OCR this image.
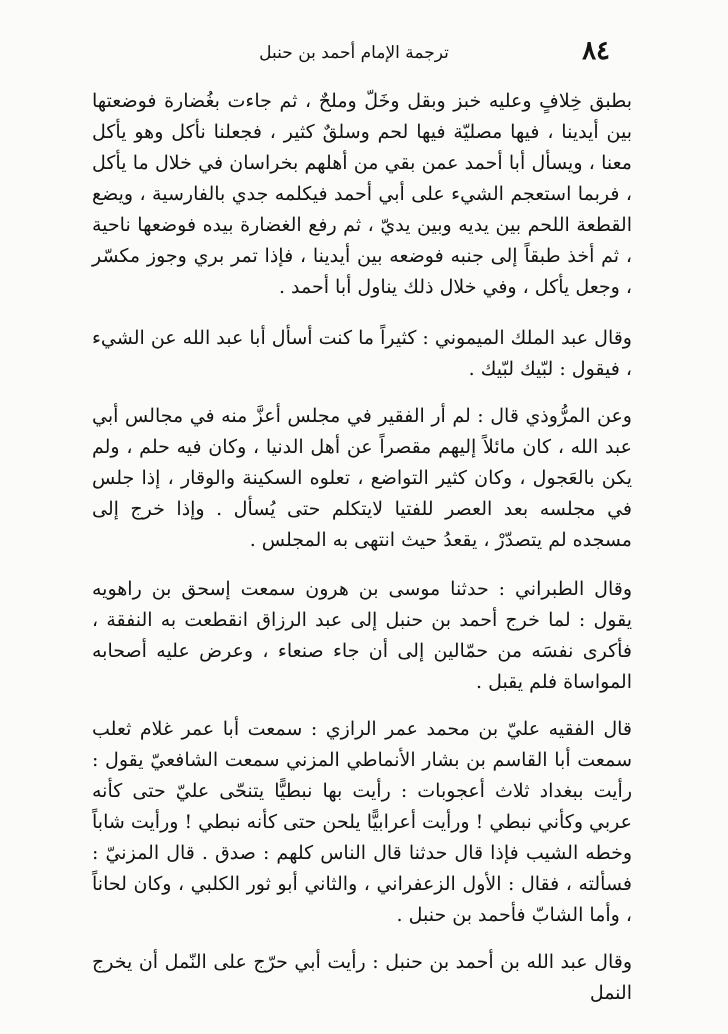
٨٤
ترجمة الإمام أحمد بن حنبل

بطبق خِلافٍ وعليه خبز وبقل وخَلّ وملحٌ ، ثم جاءت بغُضارة فوضعتها بين أيدينا ، فيها مصليّة فيها لحم وسلقٌ كثير ، فجعلنا نأكل وهو يأكل معنا ، ويسأل أبا أحمد عمن بقي من أهلهم بخراسان في خلال ما يأكل ، فربما استعجم الشيء على أبي أحمد فيكلمه جدي بالفارسية ، ويضع القطعة اللحم بين يديه وبين يديّ ، ثم رفع الغضارة بيده فوضعها ناحية ، ثم أخذ طبقاً إلى جنبه فوضعه بين أيدينا ، فإذا تمر بري وجوز مكسّر ، وجعل يأكل ، وفي خلال ذلك يناول أبا أحمد .

وقال عبد الملك الميموني : كثيراً ما كنت أسأل أبا عبد الله عن الشيء ، فيقول : لبّيك لبّيك .

وعن المرُّوذي قال : لم أر الفقير في مجلس أعزَّ منه في مجالس أبي عبد الله ، كان مائلاً إليهم مقصراً عن أهل الدنيا ، وكان فيه حلم ، ولم يكن بالعَجول ، وكان كثير التواضع ، تعلوه السكينة والوقار ، إذا جلس في مجلسه بعد العصر للفتيا لايتكلم حتى يُسأل . وإذا خرج إلى مسجده لم يتصدّرْ ، يقعدُ حيث انتهى به المجلس .

وقال الطبراني : حدثنا موسى بن هرون سمعت إسحق بن راهويه يقول : لما خرج أحمد بن حنبل إلى عبد الرزاق انقطعت به النفقة ، فأكرى نفسَه من حمّالين إلى أن جاء صنعاء ، وعرض عليه أصحابه المواساة فلم يقبل .

قال الفقيه عليّ بن محمد عمر الرازي : سمعت أبا عمر غلام ثعلب سمعت أبا القاسم بن بشار الأنماطي المزني سمعت الشافعيّ يقول : رأيت ببغداد ثلاث أعجوبات : رأيت بها نبطيًّا يتنحّى عليّ حتى كأنه عربي وكأني نبطي ! ورأيت أعرابيًّا يلحن حتى كأنه نبطي ! ورأيت شاباً وخطه الشيب فإذا قال حدثنا قال الناس كلهم : صدق . قال المزنيّ : فسألته ، فقال : الأول الزعفراني ، والثاني أبو ثور الكلبي ، وكان لحاناً ، وأما الشابّ فأحمد بن حنبل .

وقال عبد الله بن أحمد بن حنبل : رأيت أبي حرّج على النّمل أن يخرج النمل
